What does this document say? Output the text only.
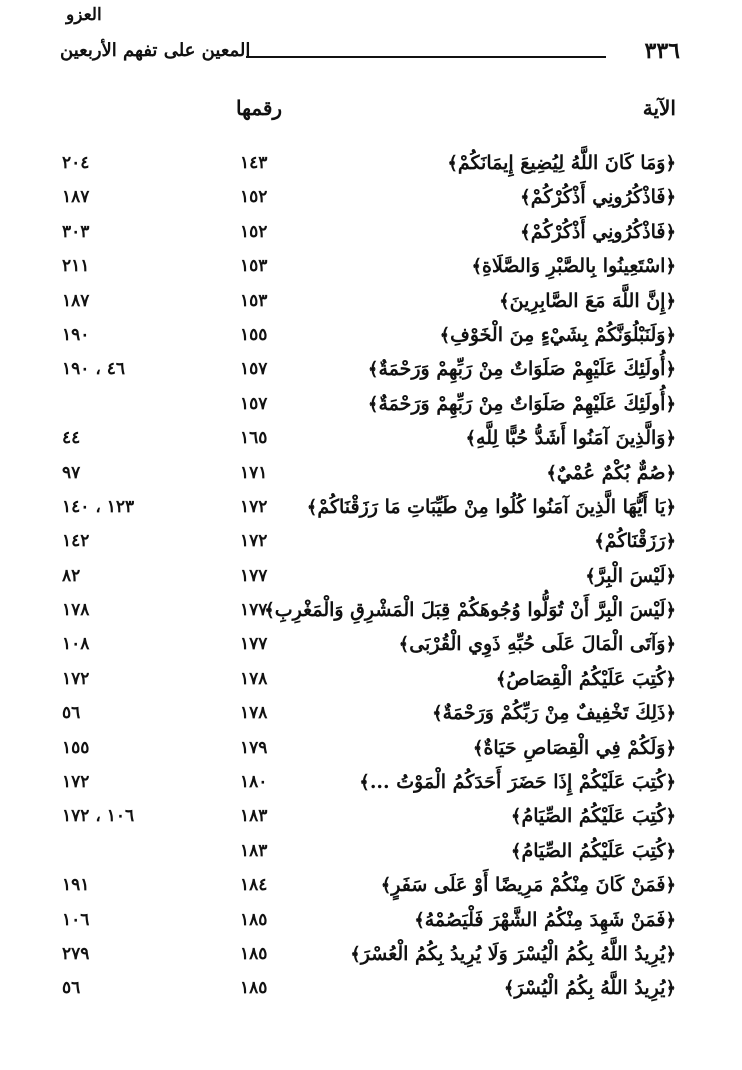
٣٣٦
المعين على تفهم الأربعين
الآية
رقمها
العزو
﴿وَمَا كَانَ اللَّهُ لِيُضِيعَ إِيمَانَكُمْ﴾
١٤٣
٢٠٤
﴿فَاذْكُرُونِي أَذْكُرْكُمْ﴾
١٥٢
١٨٧
﴿فَاذْكُرُونِي أَذْكُرْكُمْ﴾
١٥٢
٣٠٣
﴿اسْتَعِينُوا بِالصَّبْرِ وَالصَّلَاةِ﴾
١٥٣
٢١١
﴿إِنَّ اللَّهَ مَعَ الصَّابِرِينَ﴾
١٥٣
١٨٧
﴿وَلَنَبْلُوَنَّكُمْ بِشَيْءٍ مِنَ الْخَوْفِ﴾
١٥٥
١٩٠
﴿أُولَئِكَ عَلَيْهِمْ صَلَوَاتٌ مِنْ رَبِّهِمْ وَرَحْمَةٌ﴾
١٥٧
٤٦ ، ١٩٠
﴿أُولَئِكَ عَلَيْهِمْ صَلَوَاتٌ مِنْ رَبِّهِمْ وَرَحْمَةٌ﴾
١٥٧
﴿وَالَّذِينَ آمَنُوا أَشَدُّ حُبًّا لِلَّهِ﴾
١٦٥
٤٤
﴿صُمٌّ بُكْمٌ عُمْيٌ﴾
١٧١
٩٧
﴿يَا أَيُّهَا الَّذِينَ آمَنُوا كُلُوا مِنْ طَيِّبَاتِ مَا رَزَقْنَاكُمْ﴾
١٧٢
١٢٣ ، ١٤٠
﴿رَزَقْنَاكُمْ﴾
١٧٢
١٤٢
﴿لَيْسَ الْبِرَّ﴾
١٧٧
٨٢
﴿لَيْسَ الْبِرَّ أَنْ تُوَلُّوا وُجُوهَكُمْ قِبَلَ الْمَشْرِقِ وَالْمَغْرِبِ﴾
١٧٧
١٧٨
﴿وَآتَى الْمَالَ عَلَى حُبِّهِ ذَوِي الْقُرْبَى﴾
١٧٧
١٠٨
﴿كُتِبَ عَلَيْكُمُ الْقِصَاصُ﴾
١٧٨
١٧٢
﴿ذَلِكَ تَخْفِيفٌ مِنْ رَبِّكُمْ وَرَحْمَةٌ﴾
١٧٨
٥٦
﴿وَلَكُمْ فِي الْقِصَاصِ حَيَاةٌ﴾
١٧٩
١٥٥
﴿كُتِبَ عَلَيْكُمْ إِذَا حَضَرَ أَحَدَكُمُ الْمَوْتُ ...﴾
١٨٠
١٧٢
﴿كُتِبَ عَلَيْكُمُ الصِّيَامُ﴾
١٨٣
١٠٦ ، ١٧٢
﴿كُتِبَ عَلَيْكُمُ الصِّيَامُ﴾
١٨٣
﴿فَمَنْ كَانَ مِنْكُمْ مَرِيضًا أَوْ عَلَى سَفَرٍ﴾
١٨٤
١٩١
﴿فَمَنْ شَهِدَ مِنْكُمُ الشَّهْرَ فَلْيَصُمْهُ﴾
١٨٥
١٠٦
﴿يُرِيدُ اللَّهُ بِكُمُ الْيُسْرَ وَلَا يُرِيدُ بِكُمُ الْعُسْرَ﴾
١٨٥
٢٧٩
﴿يُرِيدُ اللَّهُ بِكُمُ الْيُسْرَ﴾
١٨٥
٥٦
